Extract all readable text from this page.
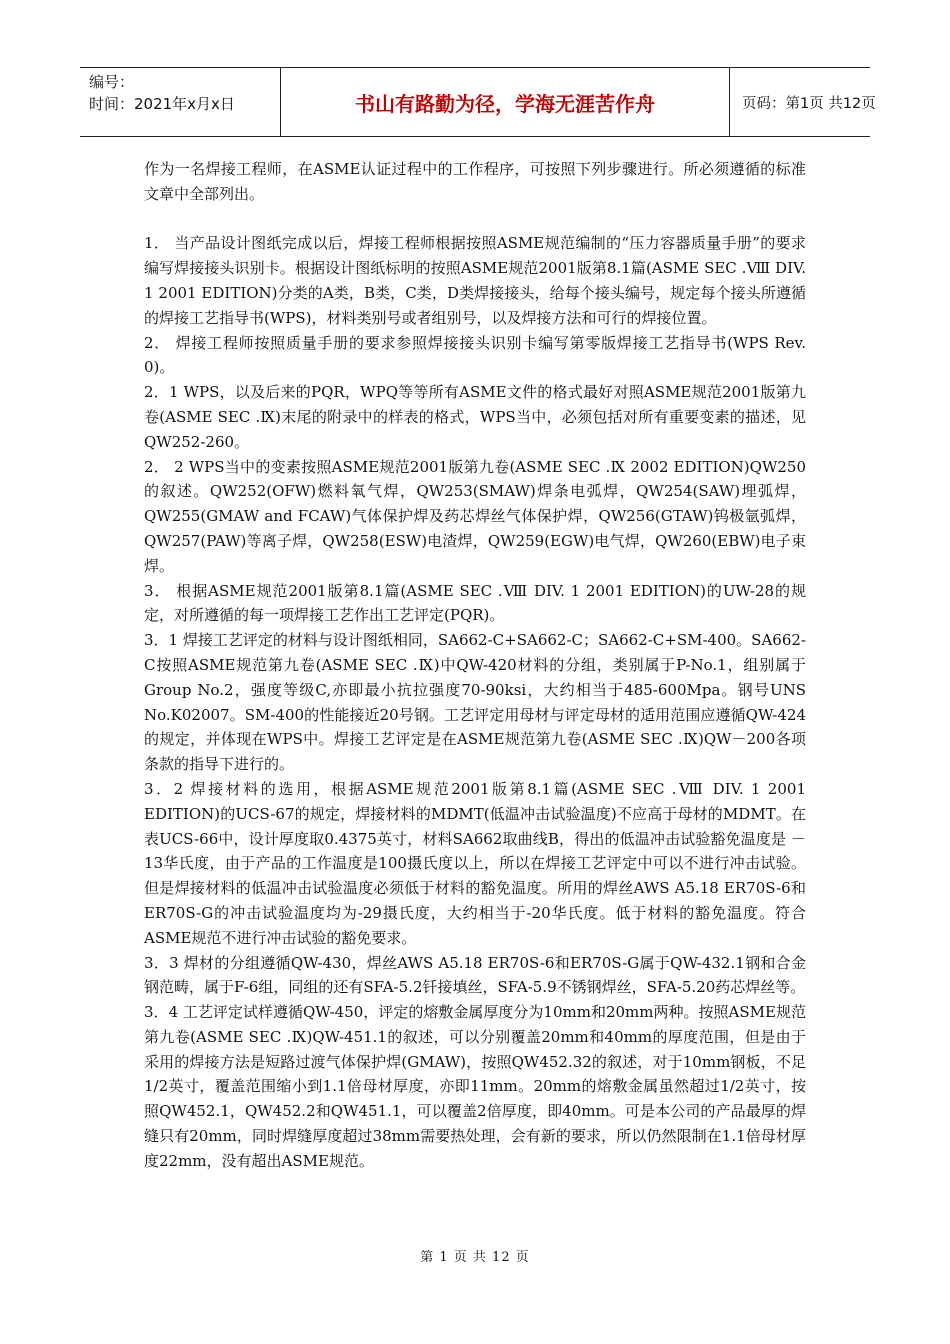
编号：
时间：2021年x月x日	书山有路勤为径，学海无涯苦作舟	页码：第1页 共12页

作为一名焊接工程师，在ASME认证过程中的工作程序，可按照下列步骤进行。所必须遵循的标准文章中全部列出。

1． 当产品设计图纸完成以后，焊接工程师根据按照ASME规范编制的“压力容器质量手册”的要求编写焊接接头识别卡。根据设计图纸标明的按照ASME规范2001版第8.1篇(ASME SEC .Ⅷ DIV. 1 2001 EDITION)分类的A类，B类，C类，D类焊接接头，给每个接头编号，规定每个接头所遵循的焊接工艺指导书(WPS)，材料类别号或者组别号，以及焊接方法和可行的焊接位置。

2． 焊接工程师按照质量手册的要求参照焊接接头识别卡编写第零版焊接工艺指导书(WPS Rev. 0)。

2．1 WPS，以及后来的PQR，WPQ等等所有ASME文件的格式最好对照ASME规范2001版第九卷(ASME SEC .Ⅸ)末尾的附录中的样表的格式，WPS当中，必须包括对所有重要变素的描述，见QW252-260。

2． 2 WPS当中的变素按照ASME规范2001版第九卷(ASME SEC .Ⅸ 2002 EDITION)QW250的叙述。QW252(OFW)燃料氧气焊，QW253(SMAW)焊条电弧焊，QW254(SAW)埋弧焊，QW255(GMAW and FCAW)气体保护焊及药芯焊丝气体保护焊，QW256(GTAW)钨极氩弧焊，QW257(PAW)等离子焊，QW258(ESW)电渣焊，QW259(EGW)电气焊，QW260(EBW)电子束焊。

3． 根据ASME规范2001版第8.1篇(ASME SEC .Ⅷ DIV. 1 2001 EDITION)的UW-28的规定，对所遵循的每一项焊接工艺作出工艺评定(PQR)。

3．1 焊接工艺评定的材料与设计图纸相同，SA662-C+SA662-C；SA662-C+SM-400。SA662-C按照ASME规范第九卷(ASME SEC .Ⅸ)中QW-420材料的分组，类别属于P-No.1，组别属于Group No.2，强度等级C,亦即最小抗拉强度70-90ksi，大约相当于485-600Mpa。钢号UNS No.K02007。SM-400的性能接近20号钢。工艺评定用母材与评定母材的适用范围应遵循QW-424的规定，并体现在WPS中。焊接工艺评定是在ASME规范第九卷(ASME SEC .Ⅸ)QW－200各项条款的指导下进行的。

3．2 焊接材料的选用，根据ASME规范2001版第8.1篇(ASME SEC .Ⅷ DIV. 1 2001 EDITION)的UCS-67的规定，焊接材料的MDMT(低温冲击试验温度)不应高于母材的MDMT。在表UCS-66中，设计厚度取0.4375英寸，材料SA662取曲线B，得出的低温冲击试验豁免温度是 －13华氏度，由于产品的工作温度是100摄氏度以上，所以在焊接工艺评定中可以不进行冲击试验。但是焊接材料的低温冲击试验温度必须低于材料的豁免温度。所用的焊丝AWS A5.18 ER70S-6和ER70S-G的冲击试验温度均为-29摄氏度，大约相当于-20华氏度。低于材料的豁免温度。符合ASME规范不进行冲击试验的豁免要求。

3．3 焊材的分组遵循QW-430，焊丝AWS A5.18 ER70S-6和ER70S-G属于QW-432.1钢和合金钢范畴，属于F-6组，同组的还有SFA-5.2钎接填丝，SFA-5.9不锈钢焊丝，SFA-5.20药芯焊丝等。

3．4 工艺评定试样遵循QW-450，评定的熔敷金属厚度分为10mm和20mm两种。按照ASME规范第九卷(ASME SEC .Ⅸ)QW-451.1的叙述，可以分别覆盖20mm和40mm的厚度范围，但是由于采用的焊接方法是短路过渡气体保护焊(GMAW)，按照QW452.32的叙述，对于10mm钢板，不足1/2英寸，覆盖范围缩小到1.1倍母材厚度，亦即11mm。20mm的熔敷金属虽然超过1/2英寸，按照QW452.1，QW452.2和QW451.1，可以覆盖2倍厚度，即40mm。可是本公司的产品最厚的焊缝只有20mm，同时焊缝厚度超过38mm需要热处理，会有新的要求，所以仍然限制在1.1倍母材厚度22mm，没有超出ASME规范。

第 1 页 共 12 页
